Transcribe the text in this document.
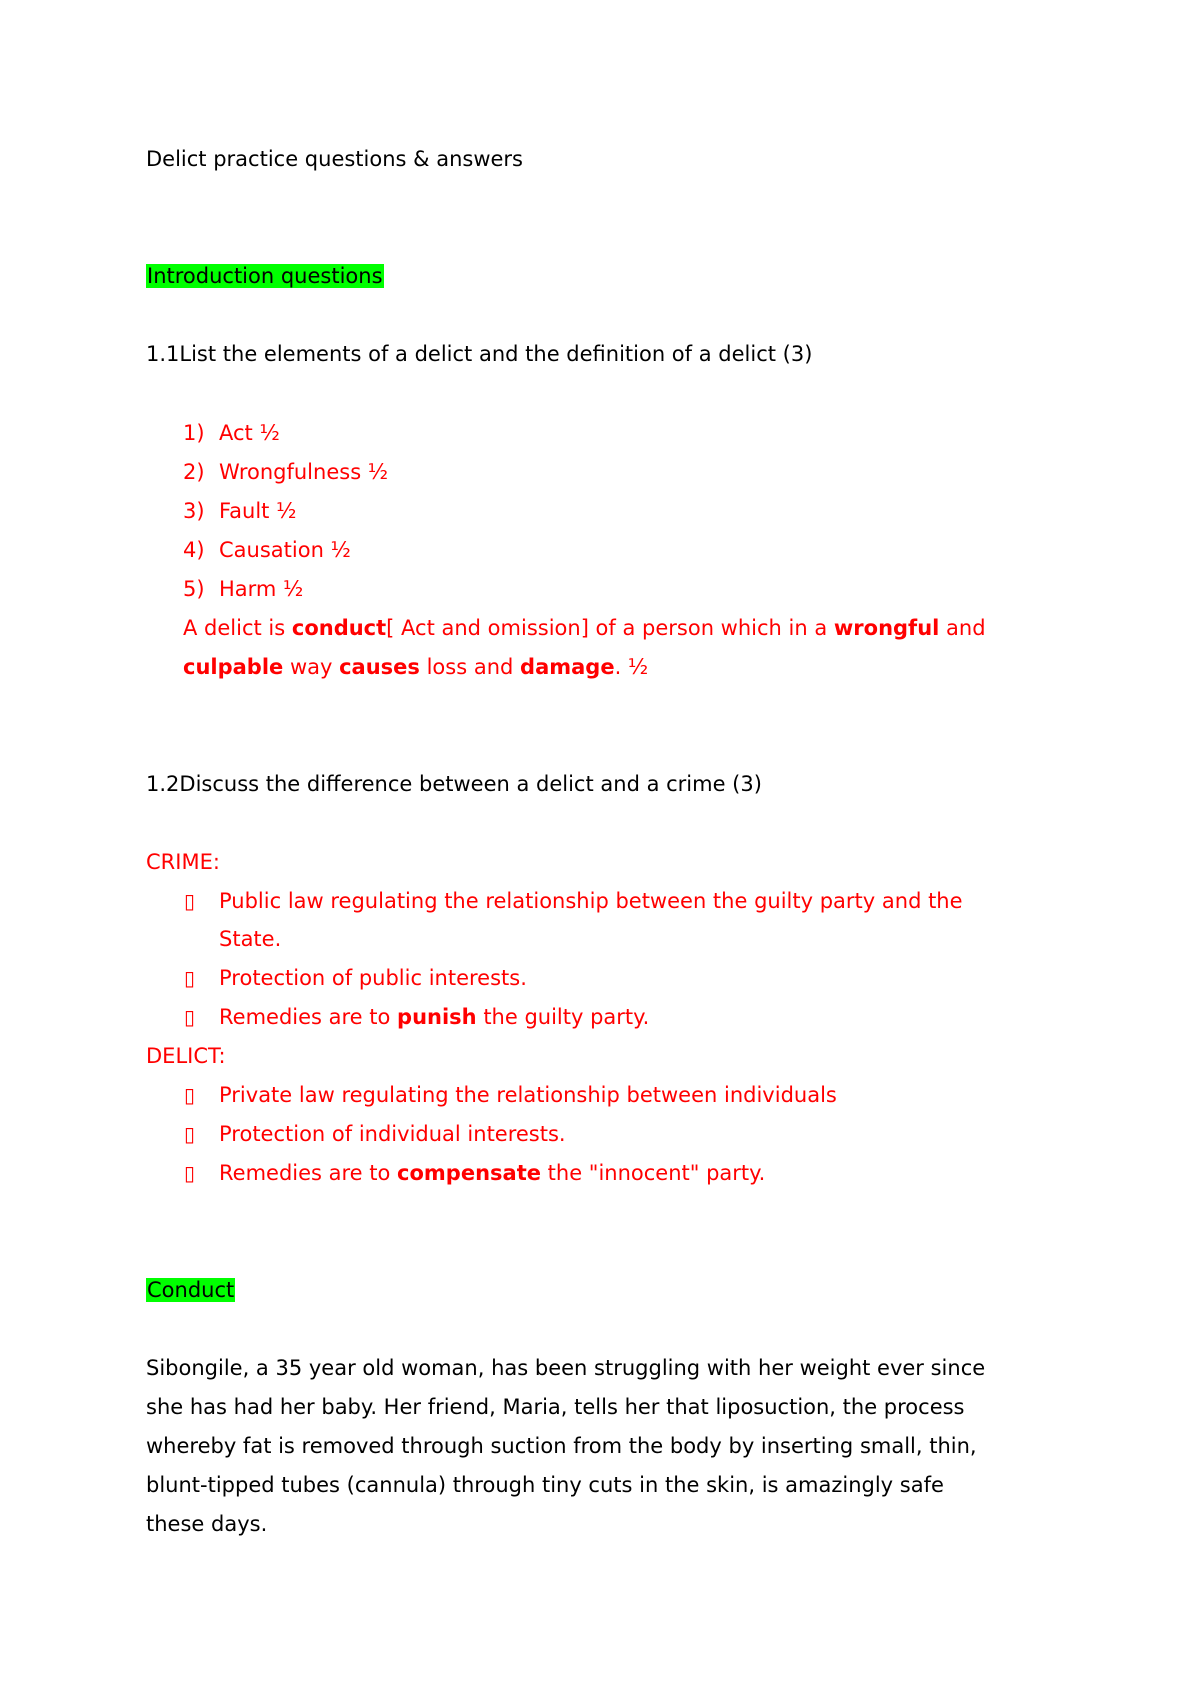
Delict practice questions & answers
Introduction questions
1.1List the elements of a delict and the definition of a delict (3)
1) Act ½
2) Wrongfulness ½
3) Fault ½
4) Causation ½
5) Harm ½
A delict is conduct[ Act and omission] of a person which in a wrongful and
culpable way causes loss and damage. ½
1.2Discuss the difference between a delict and a crime (3)
CRIME:
▯ Public law regulating the relationship between the guilty party and the
State.
▯ Protection of public interests.
▯ Remedies are to punish the guilty party.
DELICT:
▯ Private law regulating the relationship between individuals
▯ Protection of individual interests.
▯ Remedies are to compensate the "innocent" party.
Conduct
Sibongile, a 35 year old woman, has been struggling with her weight ever since
she has had her baby. Her friend, Maria, tells her that liposuction, the process
whereby fat is removed through suction from the body by inserting small, thin,
blunt-tipped tubes (cannula) through tiny cuts in the skin, is amazingly safe
these days.
